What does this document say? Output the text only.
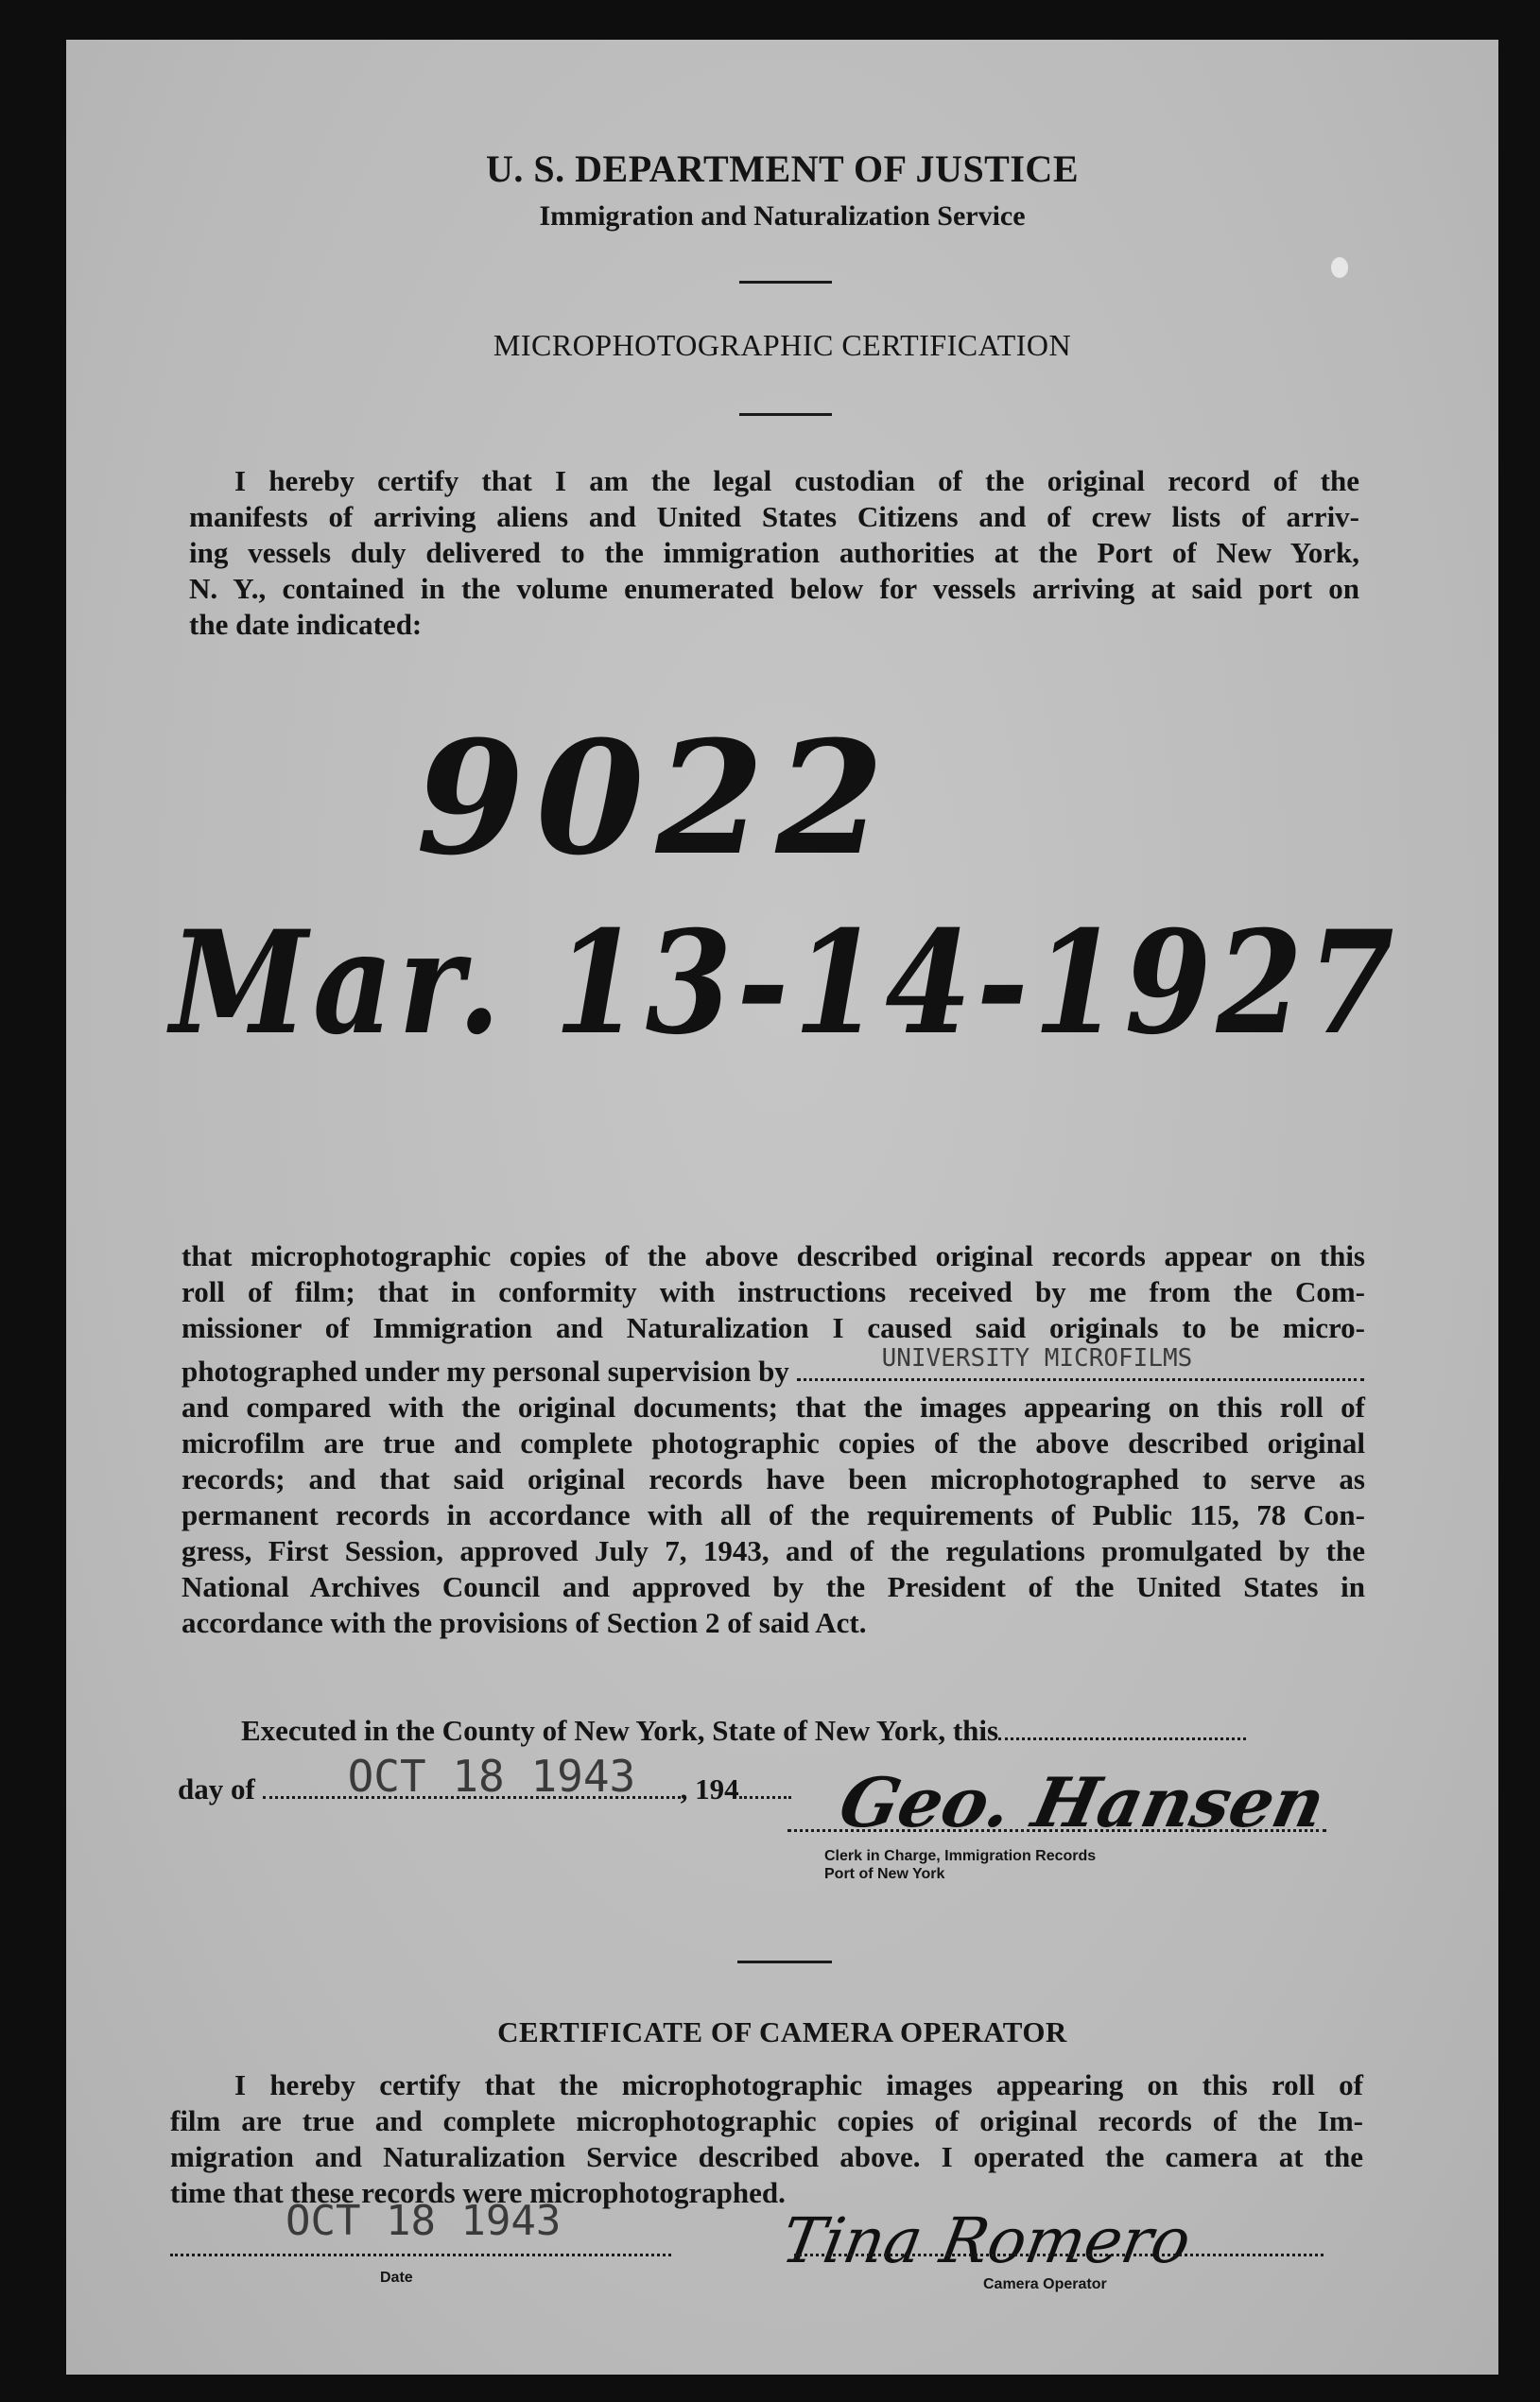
U. S. DEPARTMENT OF JUSTICE
Immigration and Naturalization Service
MICROPHOTOGRAPHIC CERTIFICATION
I hereby certify that I am the legal custodian of the original record of the
manifests of arriving aliens and United States Citizens and of crew lists of arriv-
ing vessels duly delivered to the immigration authorities at the Port of New York,
N. Y., contained in the volume enumerated below for vessels arriving at said port on
the date indicated:
9022
Mar. 13-14-1927
that microphotographic copies of the above described original records appear on this
roll of film; that in conformity with instructions received by me from the Com-
missioner of Immigration and Naturalization I caused said originals to be micro-
photographed under my personal supervision by	UNIVERSITY MICROFILMS
and compared with the original documents; that the images appearing on this roll of
microfilm are true and complete photographic copies of the above described original
records; and that said original records have been microphotographed to serve as
permanent records in accordance with all of the requirements of Public 115, 78 Con-
gress, First Session, approved July 7, 1943, and of the regulations promulgated by the
National Archives Council and approved by the President of the United States in
accordance with the provisions of Section 2 of said Act.
Executed in the County of New York, State of New York, this
day of OCT 18 1943 , 194	Geo. Hansen
Clerk in Charge, Immigration Records
Port of New York
CERTIFICATE OF CAMERA OPERATOR
I hereby certify that the microphotographic images appearing on this roll of
film are true and complete microphotographic copies of original records of the Im-
migration and Naturalization Service described above. I operated the camera at the
time that these records were microphotographed.
OCT 18 1943
Date
Tina Romero
Camera Operator
